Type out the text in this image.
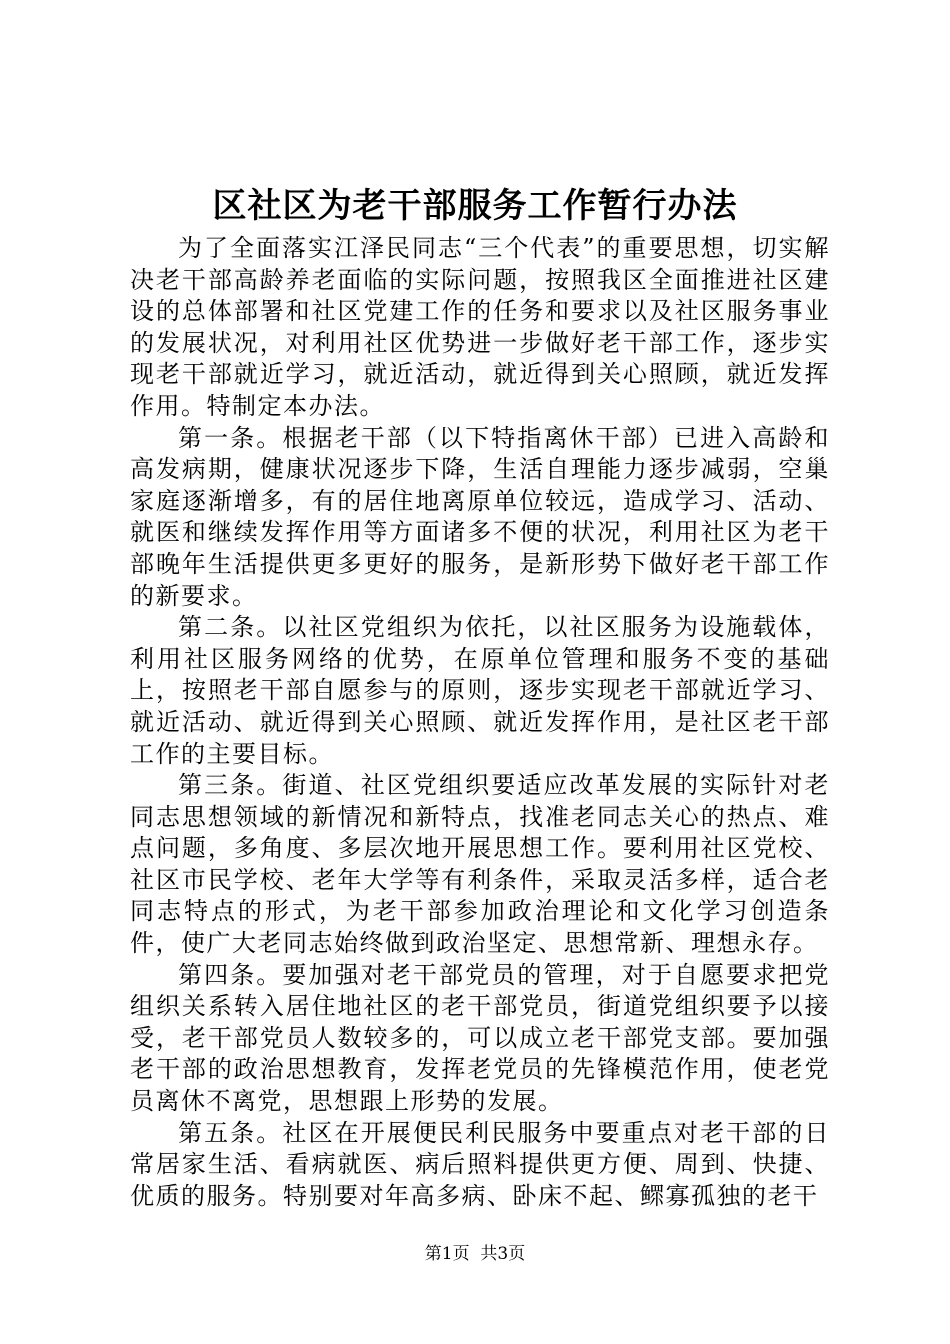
区社区为老干部服务工作暂行办法

为了全面落实江泽民同志“三个代表”的重要思想，切实解决老干部高龄养老面临的实际问题，按照我区全面推进社区建设的总体部署和社区党建工作的任务和要求以及社区服务事业的发展状况，对利用社区优势进一步做好老干部工作，逐步实现老干部就近学习，就近活动，就近得到关心照顾，就近发挥作用。特制定本办法。

第一条。根据老干部（以下特指离休干部）已进入高龄和高发病期，健康状况逐步下降，生活自理能力逐步减弱，空巢家庭逐渐增多，有的居住地离原单位较远，造成学习、活动、就医和继续发挥作用等方面诸多不便的状况，利用社区为老干部晚年生活提供更多更好的服务，是新形势下做好老干部工作的新要求。

第二条。以社区党组织为依托，以社区服务为设施载体，利用社区服务网络的优势，在原单位管理和服务不变的基础上，按照老干部自愿参与的原则，逐步实现老干部就近学习、就近活动、就近得到关心照顾、就近发挥作用，是社区老干部工作的主要目标。

第三条。街道、社区党组织要适应改革发展的实际针对老同志思想领域的新情况和新特点，找准老同志关心的热点、难点问题，多角度、多层次地开展思想工作。要利用社区党校、社区市民学校、老年大学等有利条件，采取灵活多样，适合老同志特点的形式，为老干部参加政治理论和文化学习创造条件，使广大老同志始终做到政治坚定、思想常新、理想永存。

第四条。要加强对老干部党员的管理，对于自愿要求把党组织关系转入居住地社区的老干部党员，街道党组织要予以接受，老干部党员人数较多的，可以成立老干部党支部。要加强老干部的政治思想教育，发挥老党员的先锋模范作用，使老党员离休不离党，思想跟上形势的发展。

第五条。社区在开展便民利民服务中要重点对老干部的日常居家生活、看病就医、病后照料提供更方便、周到、快捷、优质的服务。特别要对年高多病、卧床不起、鳏寡孤独的老干

第1页 共3页
